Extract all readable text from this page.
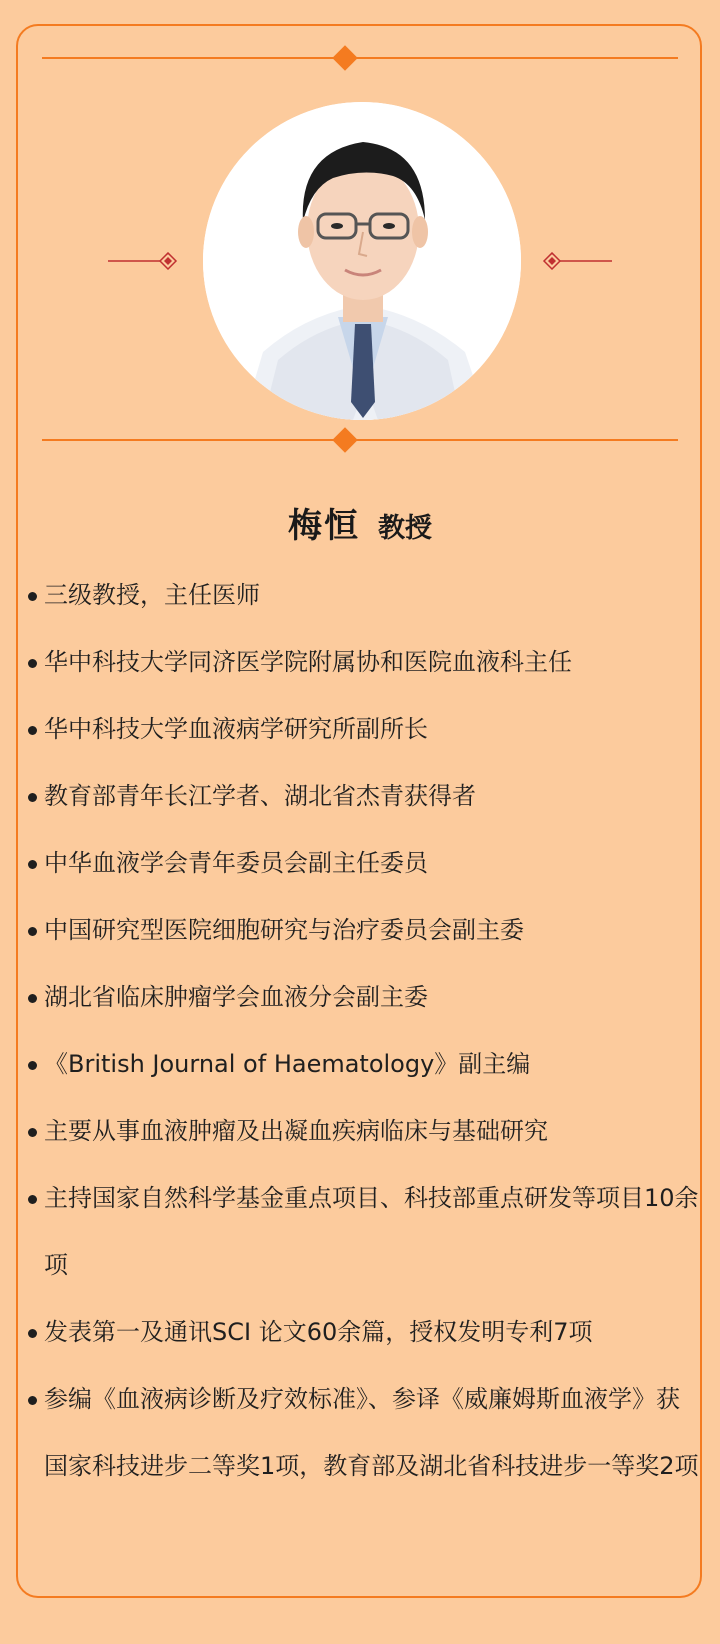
梅恒 教授
三级教授，主任医师
华中科技大学同济医学院附属协和医院血液科主任
华中科技大学血液病学研究所副所长
教育部青年长江学者、湖北省杰青获得者
中华血液学会青年委员会副主任委员
中国研究型医院细胞研究与治疗委员会副主委
湖北省临床肿瘤学会血液分会副主委
《British Journal of Haematology》副主编
主要从事血液肿瘤及出凝血疾病临床与基础研究
主持国家自然科学基金重点项目、科技部重点研发等项目10余项
发表第一及通讯SCI 论文60余篇，授权发明专利7项
参编《血液病诊断及疗效标准》、参译《威廉姆斯血液学》获国家科技进步二等奖1项，教育部及湖北省科技进步一等奖2项
